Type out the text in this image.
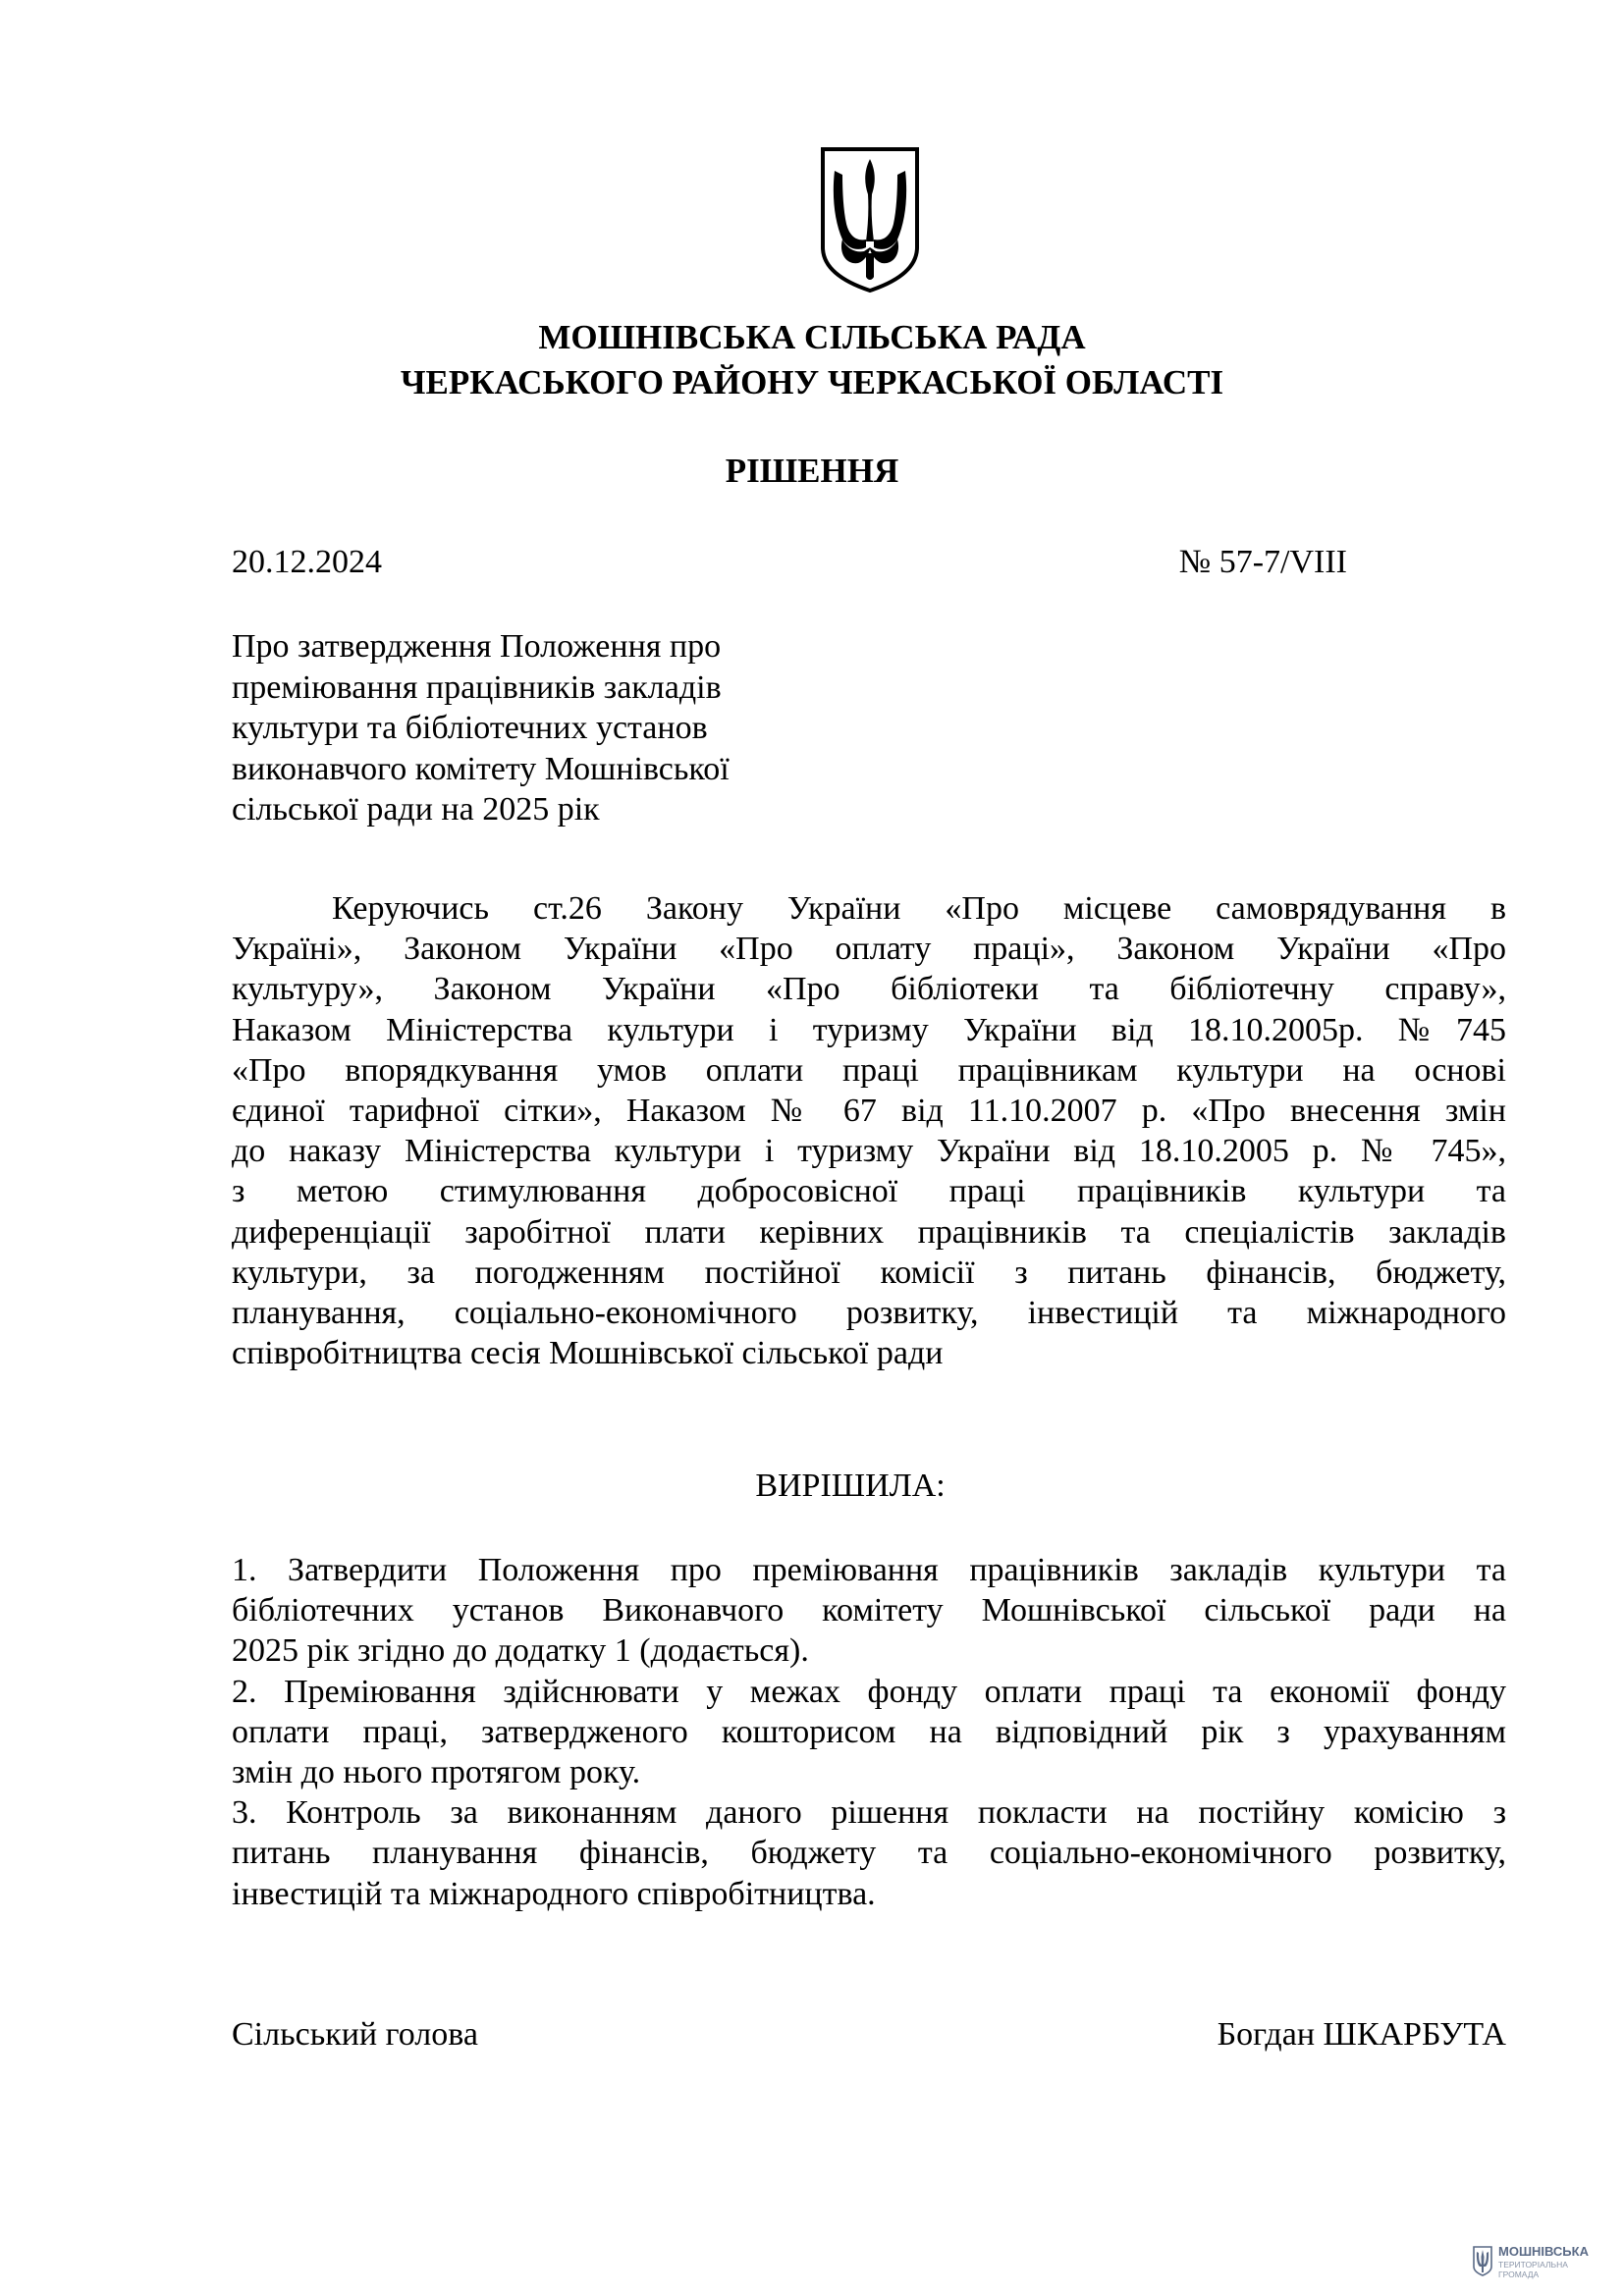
МОШНІВСЬКА СІЛЬСЬКА РАДА
ЧЕРКАСЬКОГО РАЙОНУ ЧЕРКАСЬКОЇ ОБЛАСТІ
РІШЕННЯ
20.12.2024	№ 57-7/VIII
Про затвердження Положення про
преміювання працівників закладів
культури та бібліотечних установ
виконавчого комітету Мошнівської
сільської ради на 2025 рік
Керуючись ст.26 Закону України «Про місцеве самоврядування в
Україні», Законом України «Про оплату праці», Законом України «Про
культуру», Законом України «Про бібліотеки та бібліотечну справу»,
Наказом Міністерства культури і туризму України від 18.10.2005р. №745
«Про впорядкування умов оплати праці працівникам культури на основі
єдиної тарифної сітки», Наказом № 67 від 11.10.2007 р. «Про внесення змін
до наказу Міністерства культури і туризму України від 18.10.2005 р. № 745»,
з метою стимулювання добросовісної праці працівників культури та
диференціації заробітної плати керівних працівників та спеціалістів закладів
культури, за погодженням постійної комісії з питань фінансів, бюджету,
планування, соціально-економічного розвитку, інвестицій та міжнародного
співробітництва сесія Мошнівської сільської ради
ВИРІШИЛА:
1. Затвердити Положення про преміювання працівників закладів культури та
бібліотечних установ Виконавчого комітету Мошнівської сільської ради на
2025 рік згідно до додатку 1 (додається).
2. Преміювання здійснювати у межах фонду оплати праці та економії фонду
оплати праці, затвердженого кошторисом на відповідний рік з урахуванням
змін до нього протягом року.
3. Контроль за виконанням даного рішення покласти на постійну комісію з
питань планування фінансів, бюджету та соціально-економічного розвитку,
інвестицій та міжнародного співробітництва.
Сільський голова	Богдан ШКАРБУТА
МОШНІВСЬКА
ТЕРИТОРІАЛЬНА
ГРОМАДА
